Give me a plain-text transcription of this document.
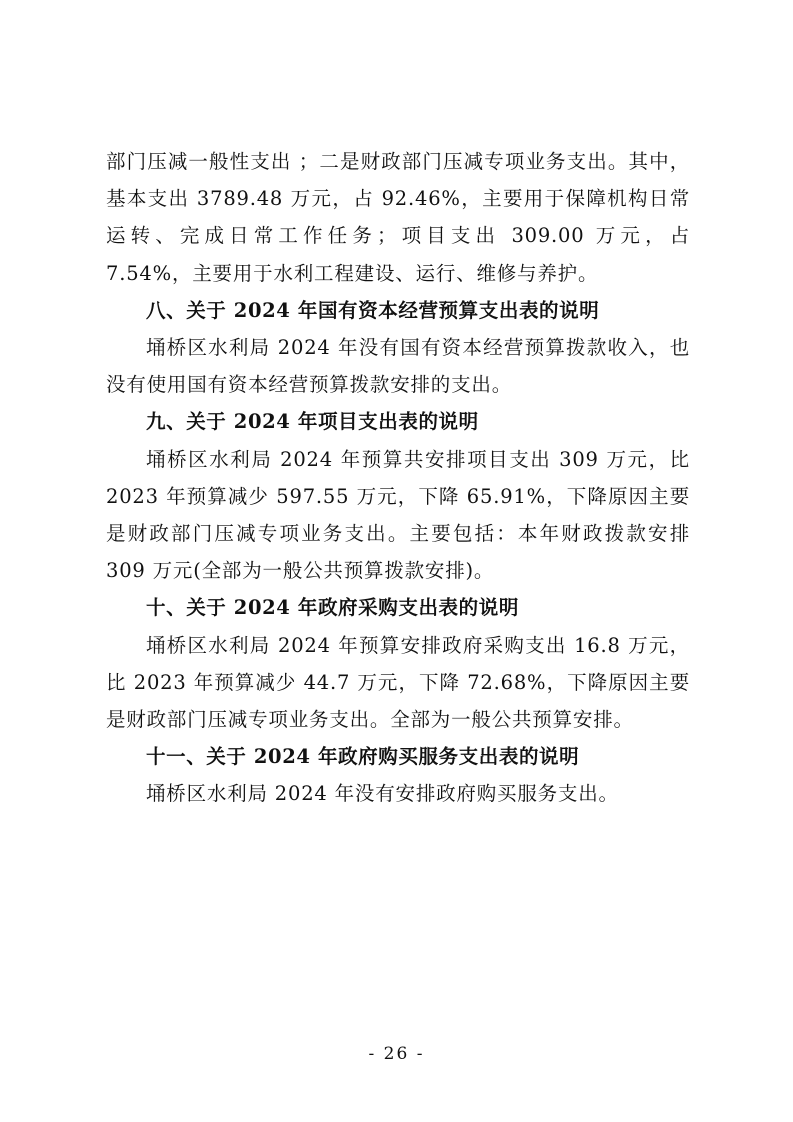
部门压减一般性支出 ；二是财政部门压减专项业务支出。其中，基本支出 3789.48 万元，占 92.46%，主要用于保障机构日常运转、完成日常工作任务；项目支出 309.00 万元，占 7.54%，主要用于水利工程建设、运行、维修与养护。

八、关于 2024 年国有资本经营预算支出表的说明

埇桥区水利局 2024 年没有国有资本经营预算拨款收入，也没有使用国有资本经营预算拨款安排的支出。

九、关于 2024 年项目支出表的说明

埇桥区水利局 2024 年预算共安排项目支出 309 万元，比 2023 年预算减少 597.55 万元，下降 65.91%，下降原因主要是财政部门压减专项业务支出。主要包括：本年财政拨款安排 309 万元(全部为一般公共预算拨款安排)。

十、关于 2024 年政府采购支出表的说明

埇桥区水利局 2024 年预算安排政府采购支出 16.8 万元，比 2023 年预算减少 44.7 万元，下降 72.68%，下降原因主要是财政部门压减专项业务支出。全部为一般公共预算安排。

十一、关于 2024 年政府购买服务支出表的说明

埇桥区水利局 2024 年没有安排政府购买服务支出。

- 26 -
